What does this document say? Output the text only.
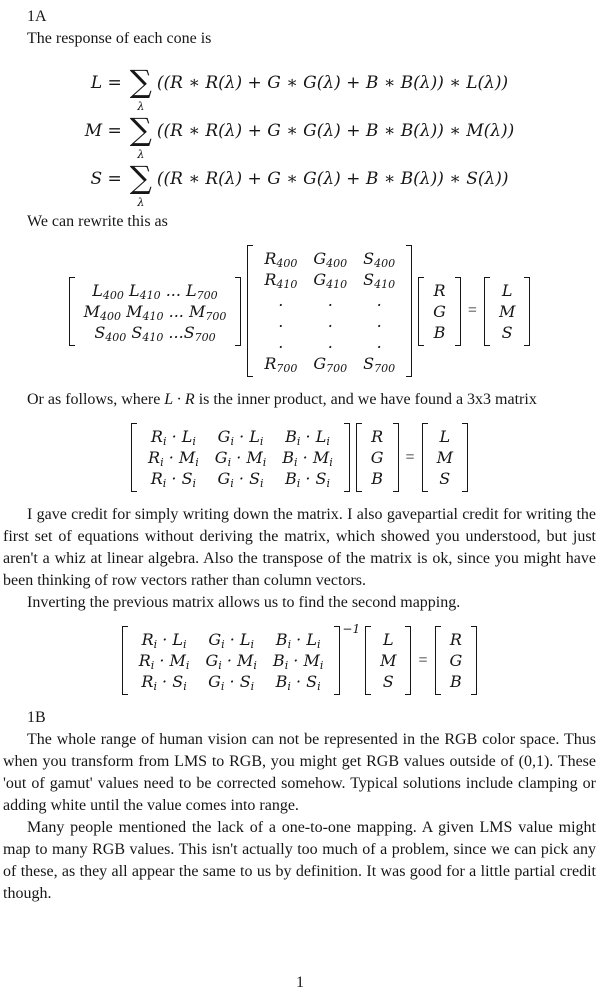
1A

The response of each cone is

L = ∑
λ
((R ∗ R(λ) + G ∗ G(λ) + B ∗ B(λ)) ∗ L(λ))
M = ∑
λ
((R ∗ R(λ) + G ∗ G(λ) + B ∗ B(λ)) ∗ M(λ))
S = ∑
λ
((R ∗ R(λ) + G ∗ G(λ) + B ∗ B(λ)) ∗ S(λ))

We can rewrite this as

$L_{400}$ $L_{410}$ ... $L_{700}$
$M_{400}$ $M_{410}$ ... $M_{700}$
$S_{400}$ $S_{410}$ $...S_{700}$
$R_{400}$ $G_{400}$ $S_{400}$
$R_{410}$ $G_{410}$ $S_{410}$
.	.	.
.	.	.
.	.	.
$R_{700}$ $G_{700}$ $S_{700}$
R
G
B
=
L
M
S

Or as follows, where L · R is the inner product, and we have found a 3x3 matrix

$R_i \cdot L_i$ $G_i \cdot L_i$ $B_i \cdot L_i$
$R_i \cdot M_i$ $G_i \cdot M_i$ $B_i \cdot M_i$
$R_i \cdot S_i$ $G_i \cdot S_i$ $B_i \cdot S_i$
R
G
B
=
L
M
S

I gave credit for simply writing down the matrix. I also gavepartial credit for writing the first set of equations without deriving the matrix, which showed you understood, but just aren't a whiz at linear algebra. Also the transpose of the matrix is ok, since you might have been thinking of row vectors rather than column vectors.

Inverting the previous matrix allows us to find the second mapping.

$R_i \cdot L_i$ $G_i \cdot L_i$ $B_i \cdot L_i$
$R_i \cdot M_i$ $G_i \cdot M_i$ $B_i \cdot M_i$
$R_i \cdot S_i$ $G_i \cdot S_i$ $B_i \cdot S_i$
−1
L
M
S
=
R
G
B
1B

The whole range of human vision can not be represented in the RGB color space. Thus when you transform from LMS to RGB, you might get RGB values outside of (0,1). These 'out of gamut' values need to be corrected somehow. Typical solutions include clamping or adding white until the value comes into range.

Many people mentioned the lack of a one-to-one mapping. A given LMS value might map to many RGB values. This isn't actually too much of a problem, since we can pick any of these, as they all appear the same to us by definition. It was good for a little partial credit though.

1
